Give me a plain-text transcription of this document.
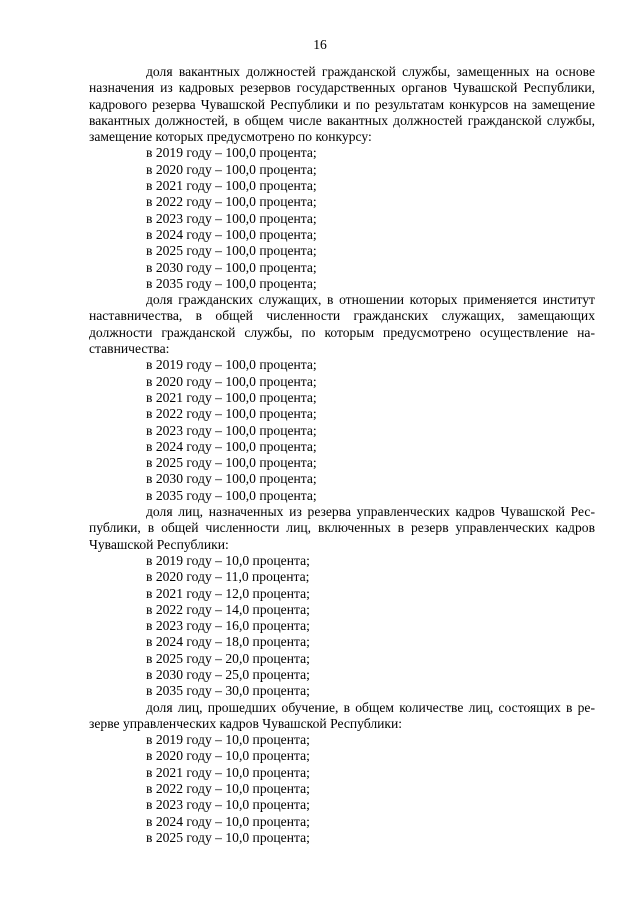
16

доля вакантных должностей гражданской службы, замещенных на основе назначения из кадровых резервов государственных органов Чувашской Республики, кадрового резерва Чувашской Республики и по результатам конкурсов на замещение вакантных должностей, в общем числе вакантных должностей гражданской службы, замещение которых предусмотрено по конкурсу:

в 2019 году – 100,0 процента;
в 2020 году – 100,0 процента;
в 2021 году – 100,0 процента;
в 2022 году – 100,0 процента;
в 2023 году – 100,0 процента;
в 2024 году – 100,0 процента;
в 2025 году – 100,0 процента;
в 2030 году – 100,0 процента;
в 2035 году – 100,0 процента;

доля гражданских служащих, в отношении которых применяется институт наставничества, в общей численности гражданских служащих, замещающих должности гражданской службы, по которым предусмотрено осуществление наставничества:

в 2019 году – 100,0 процента;
в 2020 году – 100,0 процента;
в 2021 году – 100,0 процента;
в 2022 году – 100,0 процента;
в 2023 году – 100,0 процента;
в 2024 году – 100,0 процента;
в 2025 году – 100,0 процента;
в 2030 году – 100,0 процента;
в 2035 году – 100,0 процента;

доля лиц, назначенных из резерва управленческих кадров Чувашской Республики, в общей численности лиц, включенных в резерв управленческих кадров Чувашской Республики:

в 2019 году – 10,0 процента;
в 2020 году – 11,0 процента;
в 2021 году – 12,0 процента;
в 2022 году – 14,0 процента;
в 2023 году – 16,0 процента;
в 2024 году – 18,0 процента;
в 2025 году – 20,0 процента;
в 2030 году – 25,0 процента;
в 2035 году – 30,0 процента;

доля лиц, прошедших обучение, в общем количестве лиц, состоящих в резерве управленческих кадров Чувашской Республики:

в 2019 году – 10,0 процента;
в 2020 году – 10,0 процента;
в 2021 году – 10,0 процента;
в 2022 году – 10,0 процента;
в 2023 году – 10,0 процента;
в 2024 году – 10,0 процента;
в 2025 году – 10,0 процента;
